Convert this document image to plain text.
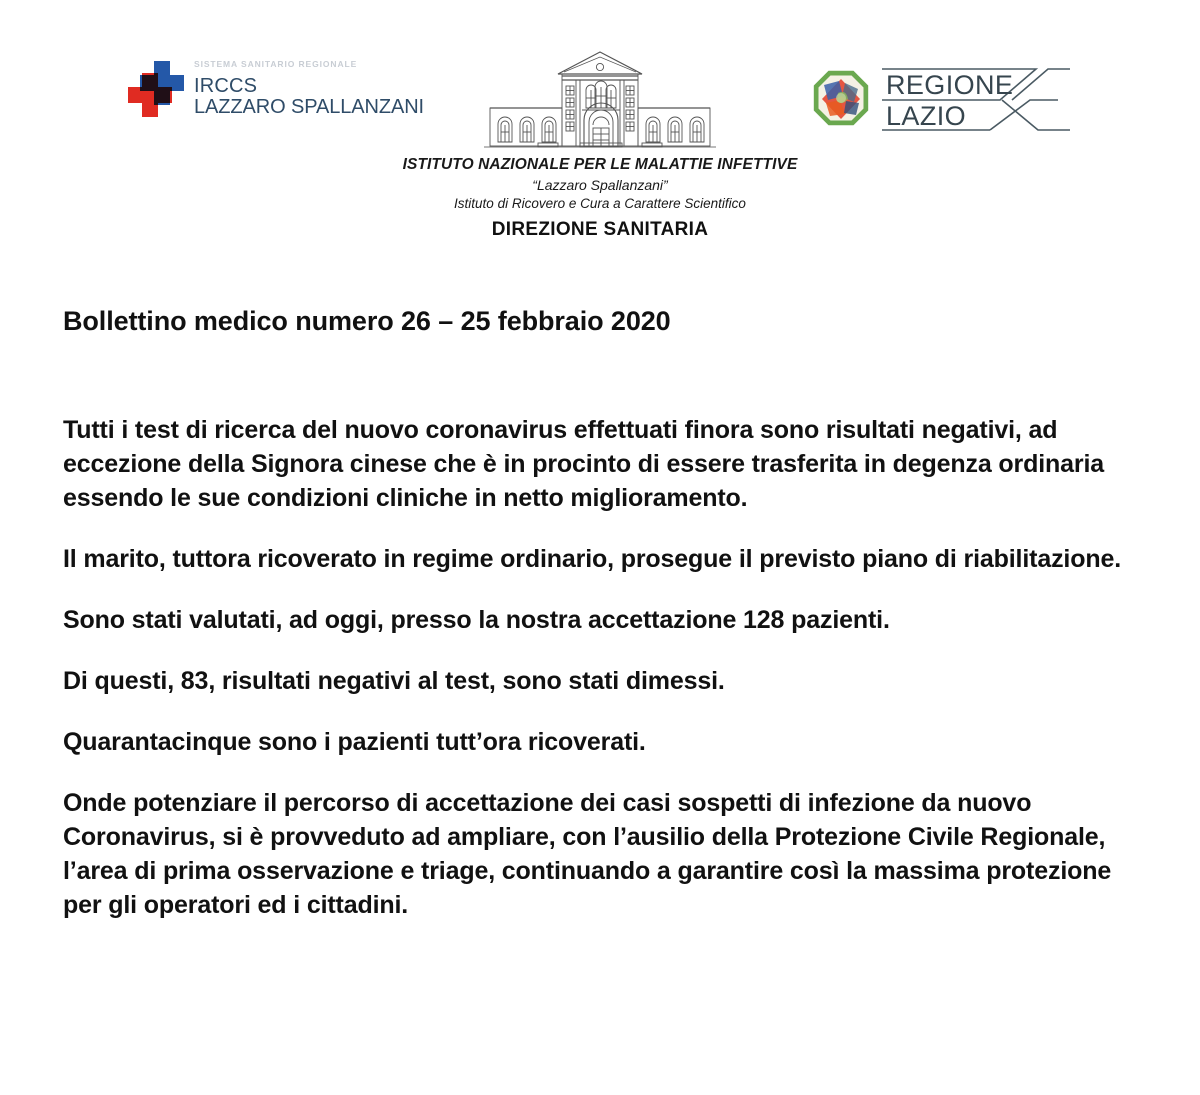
SISTEMA SANITARIO REGIONALE
IRCCS
LAZZARO SPALLANZANI
ISTITUTO NAZIONALE PER LE MALATTIE INFETTIVE
“Lazzaro Spallanzani”
Istituto di Ricovero e Cura a Carattere Scientifico
DIREZIONE SANITARIA
REGIONE
LAZIO
Bollettino medico numero 26 – 25 febbraio 2020

Tutti i test di ricerca del nuovo coronavirus effettuati finora sono risultati negativi, ad eccezione della Signora cinese che è in procinto di essere trasferita in degenza ordinaria essendo le sue condizioni cliniche in netto miglioramento.

Il marito, tuttora ricoverato in regime ordinario, prosegue il previsto piano di riabilitazione.

Sono stati valutati, ad oggi, presso la nostra accettazione 128 pazienti.

Di questi, 83, risultati negativi al test, sono stati dimessi.

Quarantacinque sono i pazienti tutt’ora ricoverati.

Onde potenziare il percorso di accettazione dei casi sospetti di infezione da nuovo Coronavirus, si è provveduto ad ampliare, con l’ausilio della Protezione Civile Regionale, l’area di prima osservazione e triage, continuando a garantire così la massima protezione per gli operatori ed i cittadini.
